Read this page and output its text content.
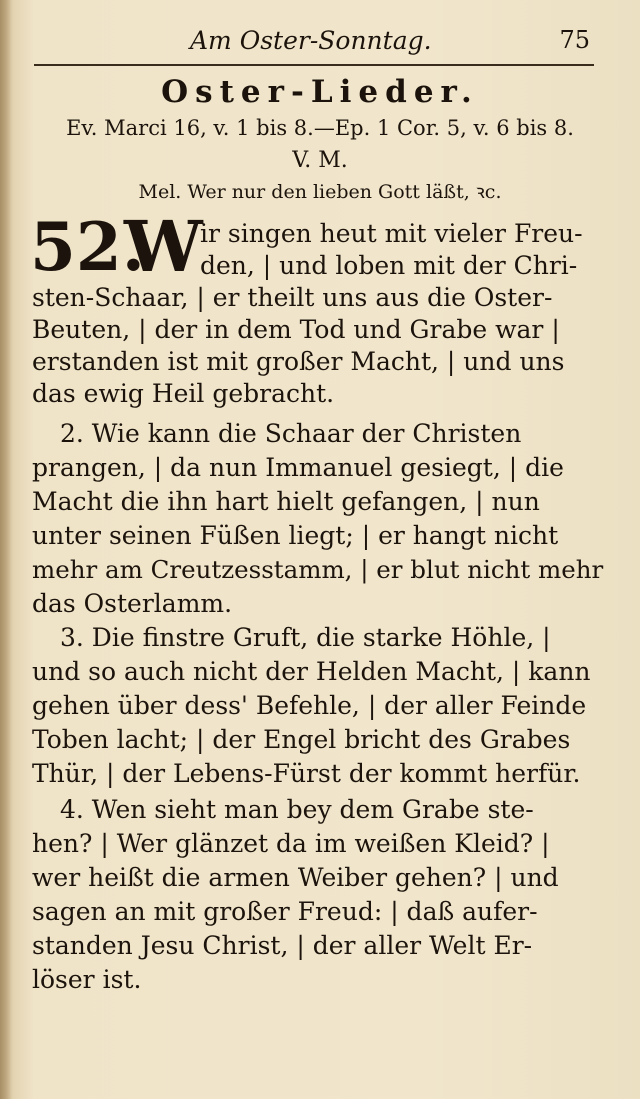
Am Oster-Sonntag.	75
Oster-Lieder.
Ev. Marci 16, v. 1 bis 8.—Ep. 1 Cor. 5, v. 6 bis 8.
V. M.
Mel. Wer nur den lieben Gott läßt, ꝛc.
52.
W
ir singen heut mit vieler Freu-
den, | und loben mit der Chri-
sten-Schaar, | er theilt uns aus die Oster-
Beuten, | der in dem Tod und Grabe war |
erstanden ist mit großer Macht, | und uns
das ewig Heil gebracht.
2. Wie kann die Schaar der Christen
prangen, | da nun Immanuel gesiegt, | die
Macht die ihn hart hielt gefangen, | nun
unter seinen Füßen liegt; | er hangt nicht
mehr am Creutzesstamm, | er blut nicht mehr
das Osterlamm.
3. Die finstre Gruft, die starke Höhle, |
und so auch nicht der Helden Macht, | kann
gehen über dess' Befehle, | der aller Feinde
Toben lacht; | der Engel bricht des Grabes
Thür, | der Lebens-Fürst der kommt herfür.
4. Wen sieht man bey dem Grabe ste-
hen? | Wer glänzet da im weißen Kleid? |
wer heißt die armen Weiber gehen? | und
sagen an mit großer Freud: | daß aufer-
standen Jesu Christ, | der aller Welt Er-
löser ist.
